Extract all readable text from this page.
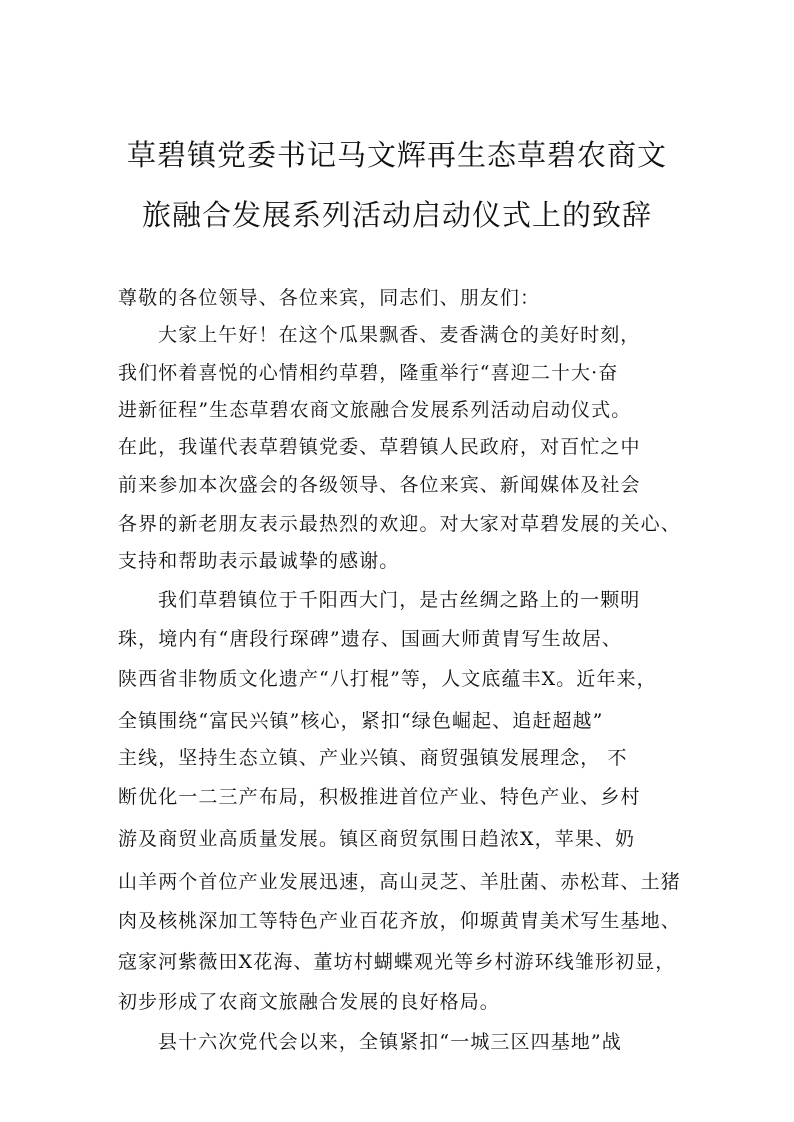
草碧镇党委书记马文辉再生态草碧农商文
旅融合发展系列活动启动仪式上的致辞
尊敬的各位领导、各位来宾，同志们、朋友们：
大家上午好！在这个瓜果飘香、麦香满仓的美好时刻，
我们怀着喜悦的心情相约草碧，隆重举行“喜迎二十大·奋
进新征程”生态草碧农商文旅融合发展系列活动启动仪式。
在此，我谨代表草碧镇党委、草碧镇人民政府，对百忙之中
前来参加本次盛会的各级领导、各位来宾、新闻媒体及社会
各界的新老朋友表示最热烈的欢迎。对大家对草碧发展的关心、
支持和帮助表示最诚挚的感谢。
我们草碧镇位于千阳西大门，是古丝绸之路上的一颗明
珠，境内有“唐段行琛碑”遗存、国画大师黄胄写生故居、
陕西省非物质文化遗产“八打棍”等，人文底蕴丰X。近年来，
全镇围绕“富民兴镇”核心，紧扣“绿色崛起、追赶超越”
主线，坚持生态立镇、产业兴镇、商贸强镇发展理念， 不
断优化一二三产布局，积极推进首位产业、特色产业、乡村
游及商贸业高质量发展。镇区商贸氛围日趋浓X，苹果、奶
山羊两个首位产业发展迅速，高山灵芝、羊肚菌、赤松茸、土猪
肉及核桃深加工等特色产业百花齐放，仰塬黄胄美术写生基地、
寇家河紫薇田X花海、董坊村蝴蝶观光等乡村游环线雏形初显，
初步形成了农商文旅融合发展的良好格局。
县十六次党代会以来，全镇紧扣“一城三区四基地”战
